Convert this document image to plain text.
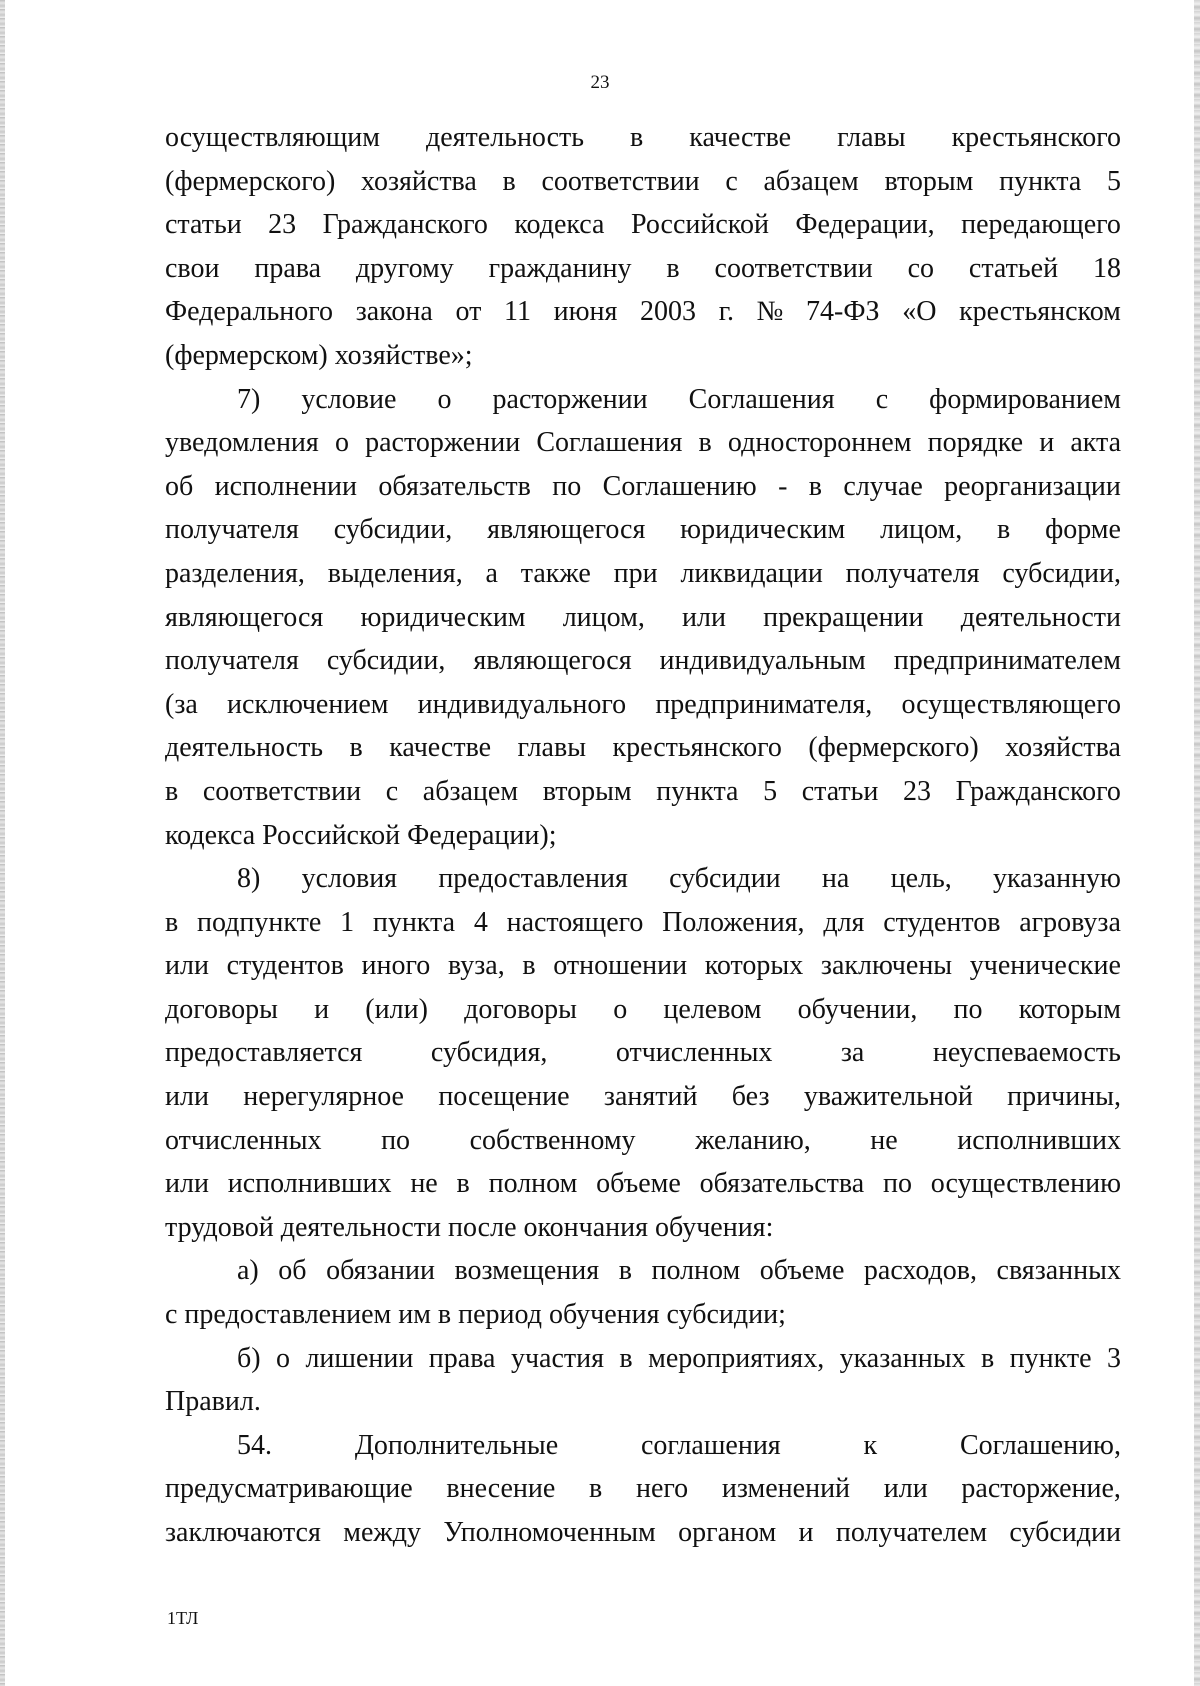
23
осуществляющим деятельность в качестве главы крестьянского
(фермерского) хозяйства в соответствии с абзацем вторым пункта 5
статьи 23 Гражданского кодекса Российской Федерации, передающего
свои права другому гражданину в соответствии со статьей 18
Федерального закона от 11 июня 2003 г. № 74-ФЗ «О крестьянском
(фермерском) хозяйстве»;
7) условие о расторжении Соглашения с формированием
уведомления о расторжении Соглашения в одностороннем порядке и акта
об исполнении обязательств по Соглашению - в случае реорганизации
получателя субсидии, являющегося юридическим лицом, в форме
разделения, выделения, а также при ликвидации получателя субсидии,
являющегося юридическим лицом, или прекращении деятельности
получателя субсидии, являющегося индивидуальным предпринимателем
(за исключением индивидуального предпринимателя, осуществляющего
деятельность в качестве главы крестьянского (фермерского) хозяйства
в соответствии с абзацем вторым пункта 5 статьи 23 Гражданского
кодекса Российской Федерации);
8) условия предоставления субсидии на цель, указанную
в подпункте 1 пункта 4 настоящего Положения, для студентов агровуза
или студентов иного вуза, в отношении которых заключены ученические
договоры и (или) договоры о целевом обучении, по которым
предоставляется субсидия, отчисленных за неуспеваемость
или нерегулярное посещение занятий без уважительной причины,
отчисленных по собственному желанию, не исполнивших
или исполнивших не в полном объеме обязательства по осуществлению
трудовой деятельности после окончания обучения:
а) об обязании возмещения в полном объеме расходов, связанных
с предоставлением им в период обучения субсидии;
б) о лишении права участия в мероприятиях, указанных в пункте 3
Правил.
54.	Дополнительные	соглашения	к	Соглашению,
предусматривающие внесение в него изменений или расторжение,
заключаются между Уполномоченным органом и получателем субсидии
1ТЛ
